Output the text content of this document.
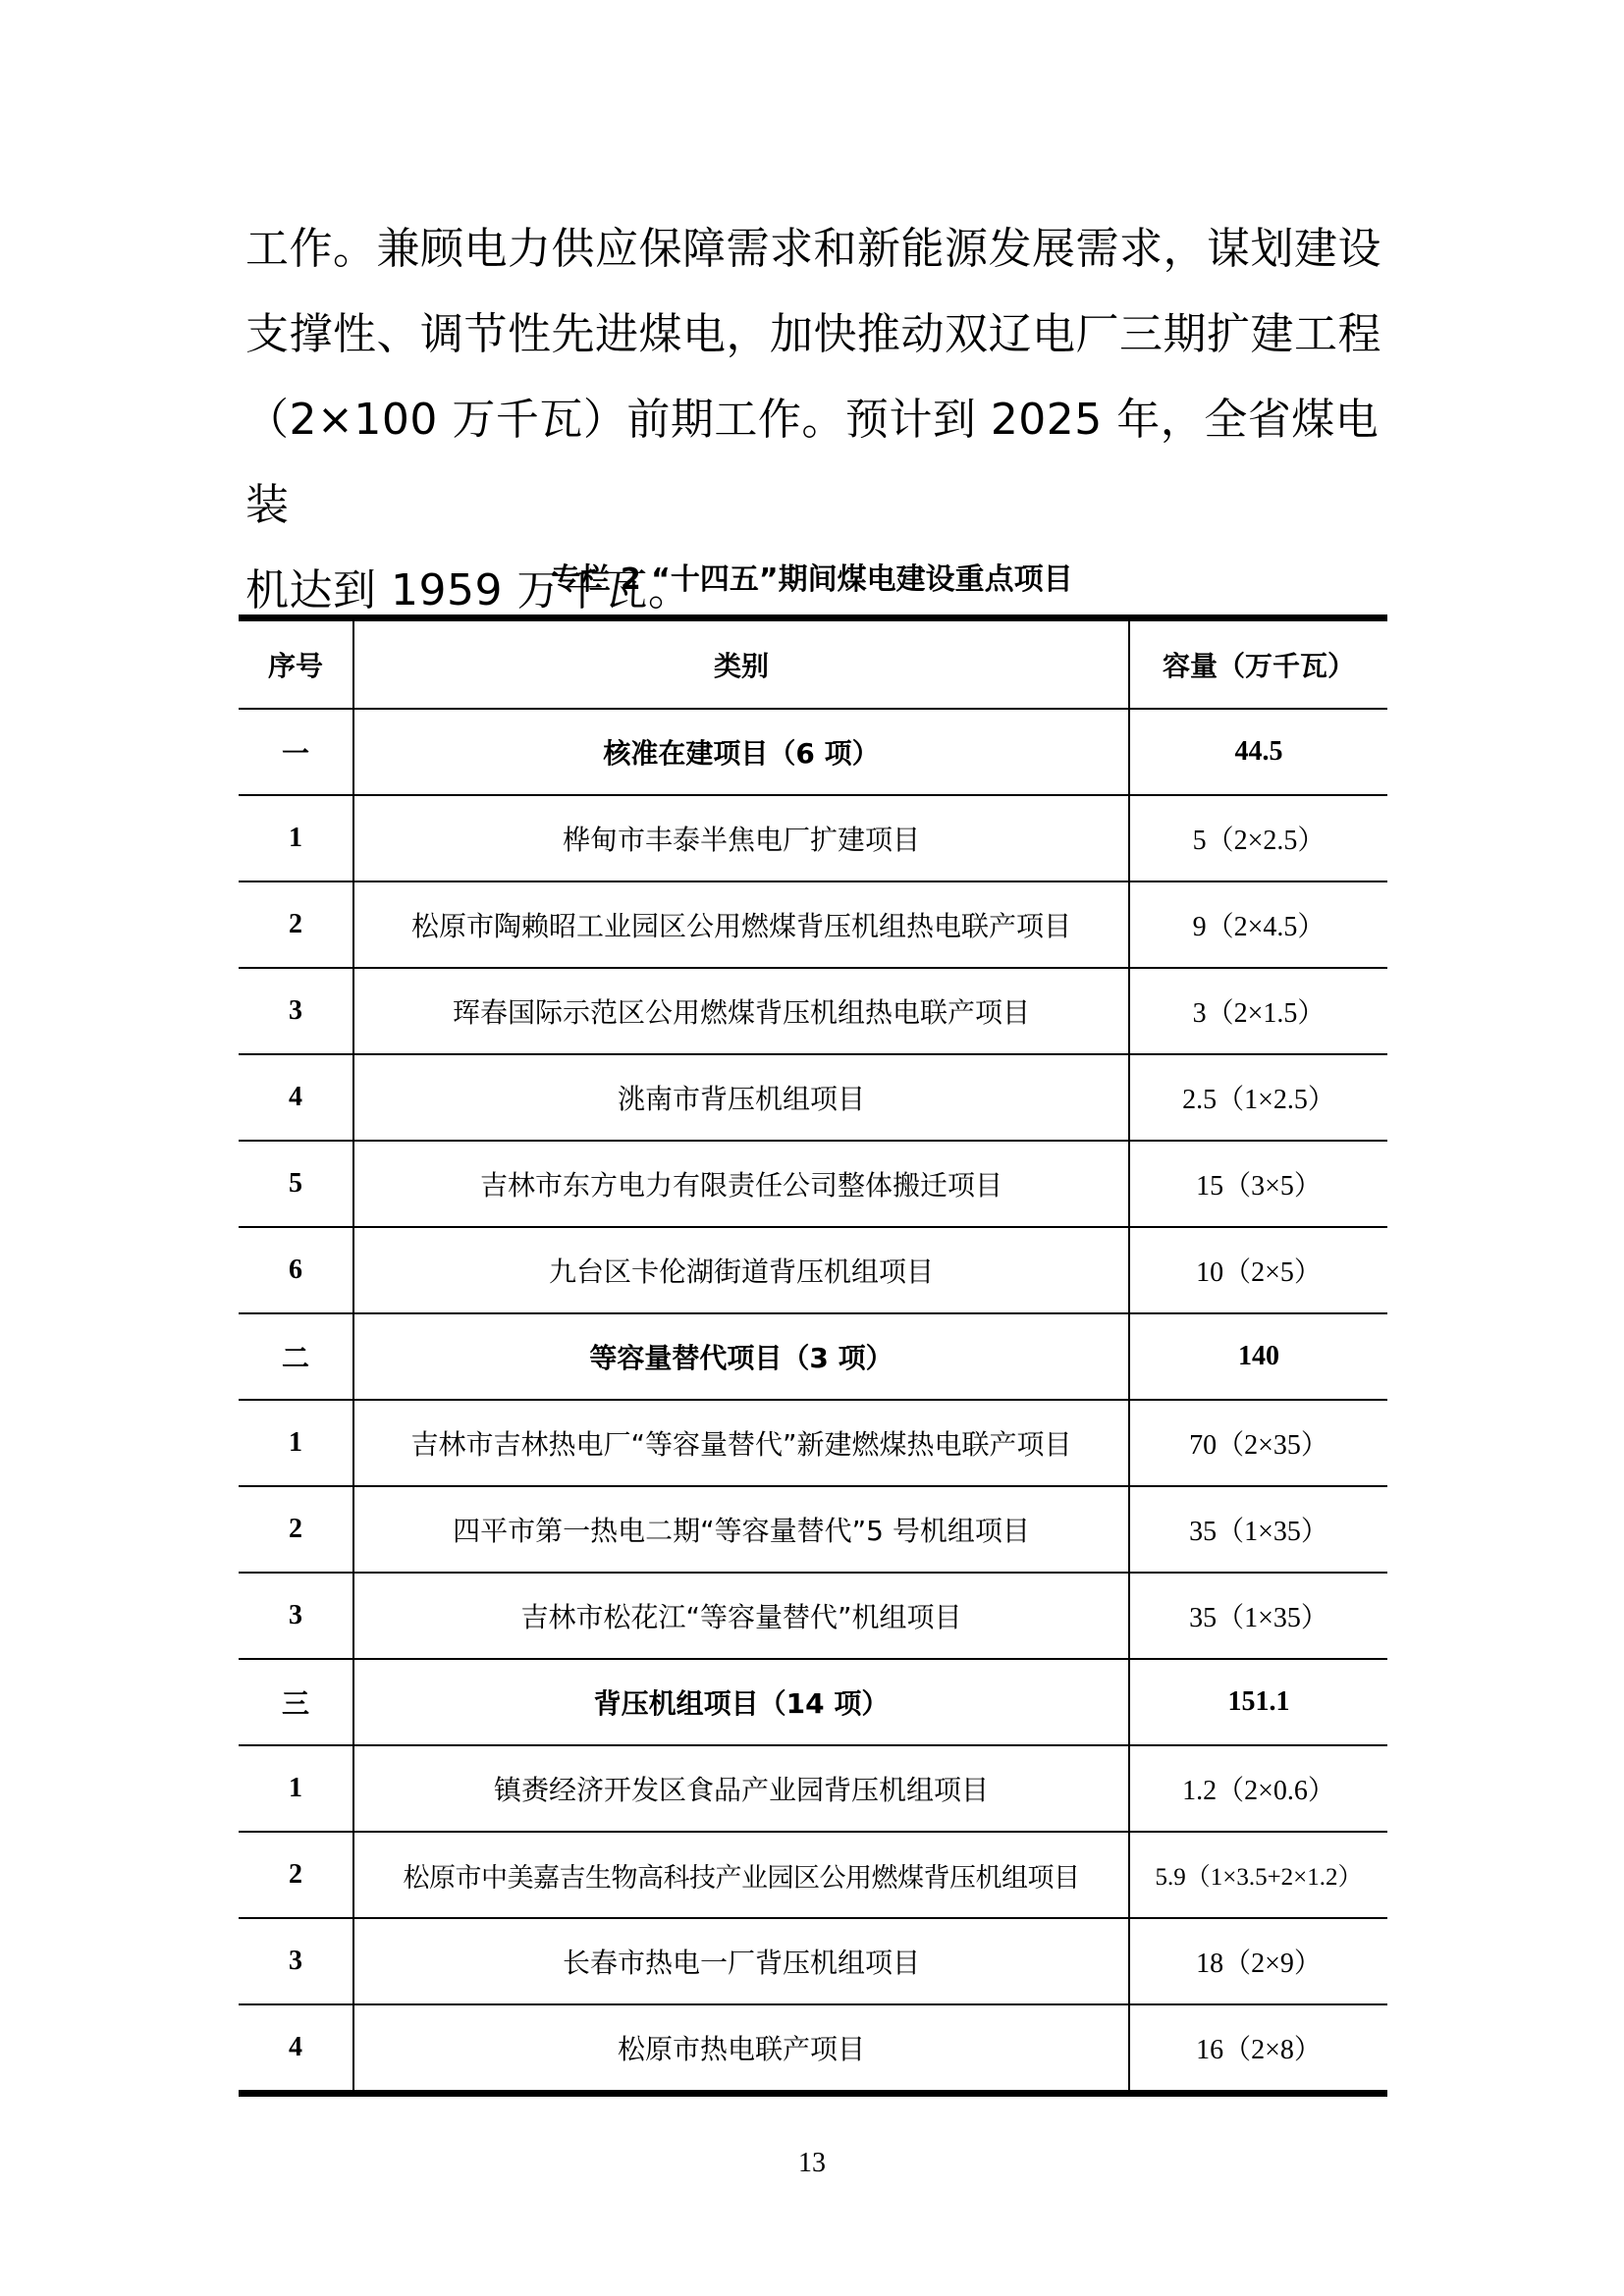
工作。兼顾电力供应保障需求和新能源发展需求，谋划建设
支撑性、调节性先进煤电，加快推动双辽电厂三期扩建工程
（2×100 万千瓦）前期工作。预计到 2025 年，全省煤电装
机达到 1959 万千瓦。
专栏 2 “十四五”期间煤电建设重点项目
序号	类别	容量（万千瓦）
一	核准在建项目（6 项）	44.5
1	桦甸市丰泰半焦电厂扩建项目	5（2×2.5）
2	松原市陶赖昭工业园区公用燃煤背压机组热电联产项目	9（2×4.5）
3	珲春国际示范区公用燃煤背压机组热电联产项目	3（2×1.5）
4	洮南市背压机组项目	2.5（1×2.5）
5	吉林市东方电力有限责任公司整体搬迁项目	15（3×5）
6	九台区卡伦湖街道背压机组项目	10（2×5）
二	等容量替代项目（3 项）	140
1	吉林市吉林热电厂“等容量替代”新建燃煤热电联产项目	70（2×35）
2	四平市第一热电二期“等容量替代”5 号机组项目	35（1×35）
3	吉林市松花江“等容量替代”机组项目	35（1×35）
三	背压机组项目（14 项）	151.1
1	镇赉经济开发区食品产业园背压机组项目	1.2（2×0.6）
2	松原市中美嘉吉生物高科技产业园区公用燃煤背压机组项目	5.9（1×3.5+2×1.2）
3	长春市热电一厂背压机组项目	18（2×9）
4	松原市热电联产项目	16（2×8）
13
